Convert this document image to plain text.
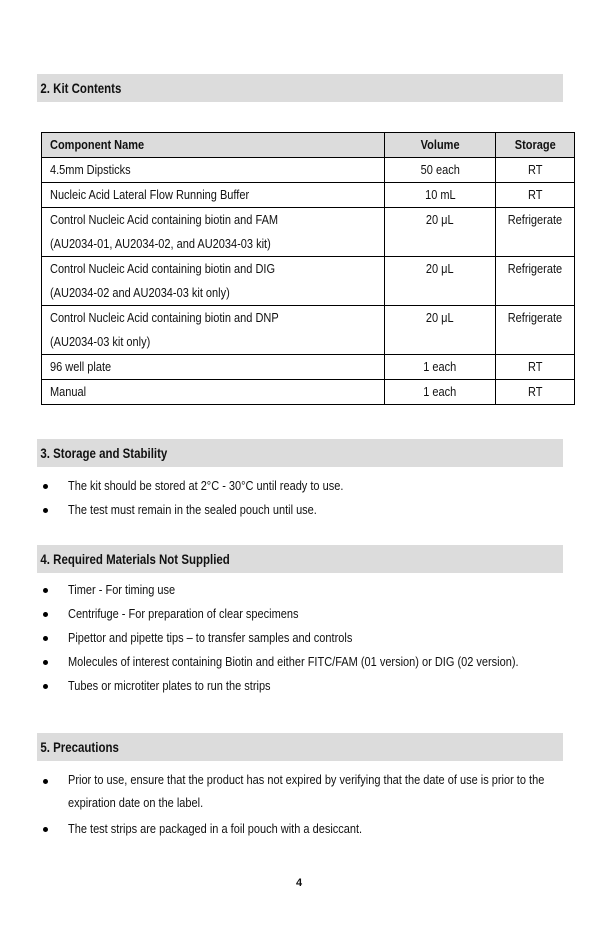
2. Kit Contents
Component Name	Volume	Storage
4.5mm Dipsticks	50 each	RT
Nucleic Acid Lateral Flow Running Buffer	10 mL	RT
Control Nucleic Acid containing biotin and FAM
(AU2034-01, AU2034-02, and AU2034-03 kit)	20 μL	Refrigerate
Control Nucleic Acid containing biotin and DIG
(AU2034-02 and AU2034-03 kit only)	20 μL	Refrigerate
Control Nucleic Acid containing biotin and DNP
(AU2034-03 kit only)	20 μL	Refrigerate
96 well plate	1 each	RT
Manual	1 each	RT
3. Storage and Stability
The kit should be stored at 2°C - 30°C until ready to use.
The test must remain in the sealed pouch until use.
4. Required Materials Not Supplied
Timer - For timing use
Centrifuge - For preparation of clear specimens
Pipettor and pipette tips – to transfer samples and controls
Molecules of interest containing Biotin and either FITC/FAM (01 version) or DIG (02 version).
Tubes or microtiter plates to run the strips
5. Precautions
Prior to use, ensure that the product has not expired by verifying that the date of use is prior to the expiration date on the label.
The test strips are packaged in a foil pouch with a desiccant.
4
